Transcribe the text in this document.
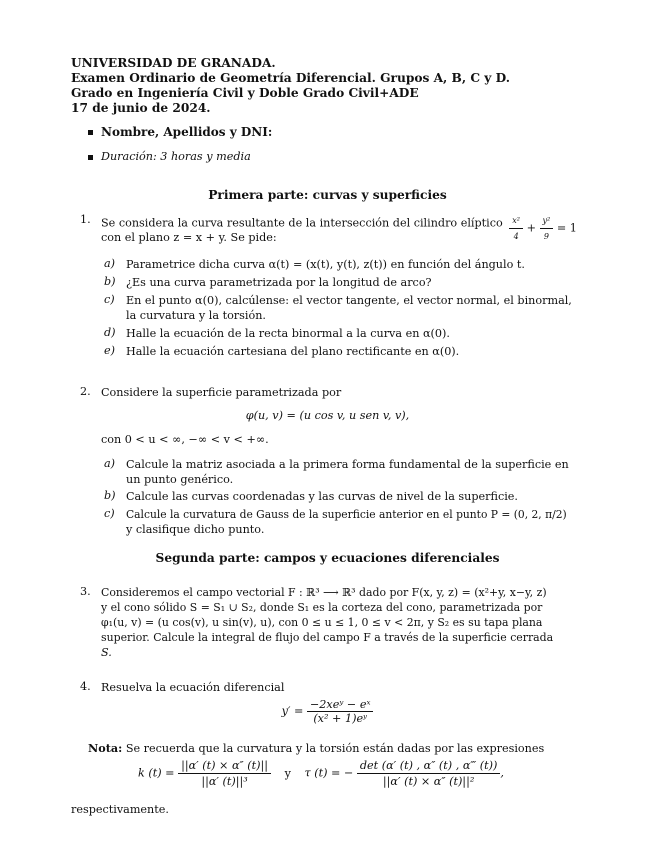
UNIVERSIDAD DE GRANADA.
Examen Ordinario de Geometría Diferencial. Grupos A, B, C y D.
Grado en Ingeniería Civil y Doble Grado Civil+ADE
17 de junio de 2024.
Nombre, Apellidos y DNI:
Duración: 3 horas y media
Primera parte: curvas y superficies
1. Se considera la curva resultante de la intersección del cilindro elíptico $\frac{\text{x²}}{4} + \frac{\text{y²}}{9} = 1$
con el plano z = x + y. Se pide:
a) Parametrice dicha curva α(t) = (x(t), y(t), z(t)) en función del ángulo t.
b) ¿Es una curva parametrizada por la longitud de arco?
c) En el punto α(0), calcúlense: el vector tangente, el vector normal, el binormal,
la curvatura y la torsión.
d) Halle la ecuación de la recta binormal a la curva en α(0).
e) Halle la ecuación cartesiana del plano rectificante en α(0).
2. Considere la superficie parametrizada por
φ(u, v) = (u cos v, u sen v, v),
con 0 < u < ∞, −∞ < v < +∞.
a) Calcule la matriz asociada a la primera forma fundamental de la superficie en
un punto genérico.
b) Calcule las curvas coordenadas y las curvas de nivel de la superficie.
c) Calcule la curvatura de Gauss de la superficie anterior en el punto P = (0, 2, π/2)
y clasifique dicho punto.
Segunda parte: campos y ecuaciones diferenciales
3. Consideremos el campo vectorial F : ℝ³ ⟶ ℝ³ dado por F(x, y, z) = (x²+y, x−y, z)
y el cono sólido S = S₁ ∪ S₂, donde S₁ es la corteza del cono, parametrizada por
φ₁(u, v) = (u cos(v), u sin(v), u), con 0 ≤ u ≤ 1, 0 ≤ v < 2π, y S₂ es su tapa plana
superior. Calcule la integral de flujo del campo F a través de la superficie cerrada
S.
4. Resuelva la ecuación diferencial
$y' = \frac{\text{−2xeʸ − eˣ}}{\text{(x² + 1)eʸ}}$
Nota: Se recuerda que la curvatura y la torsión están dadas por las expresiones
k $(t) = \frac{||\alpha' (t) \times \alpha'' (t)||}{\text{||α′ (t)||³}}$ y τ (t) = − $\frac{\det (\alpha' (t) , \alpha'' (t) , \alpha‴ (t))}{\text{||α′ (t) × α″ (t)||²}}$ ,
respectivamente.
